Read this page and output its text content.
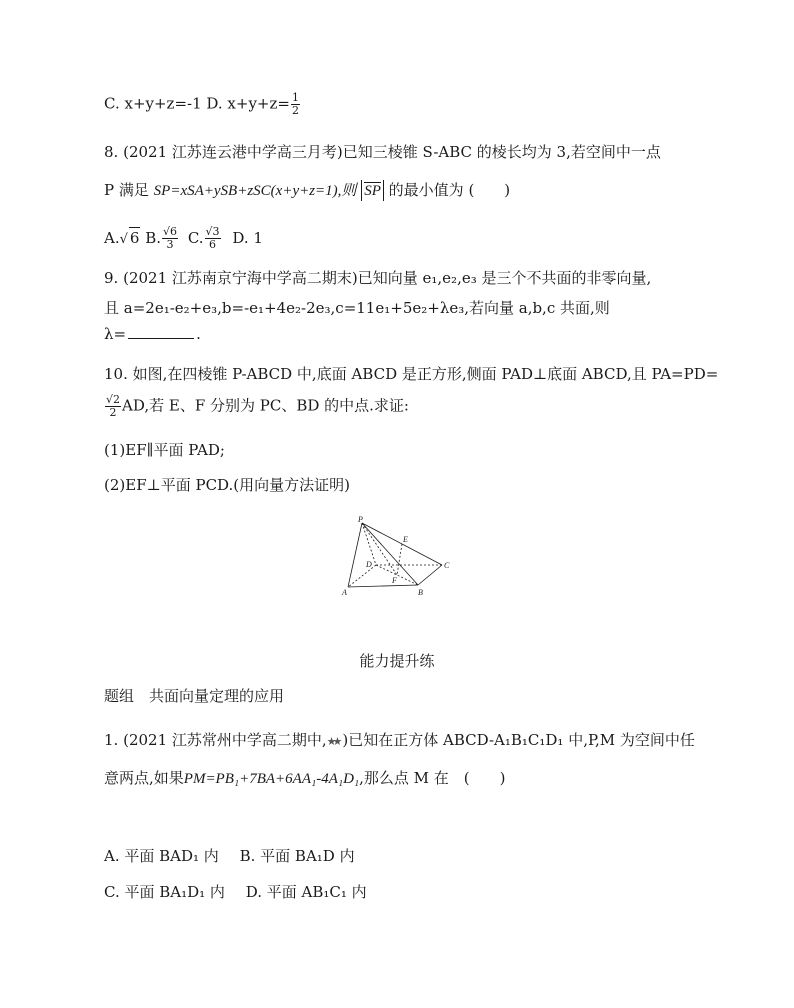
C. x+y+z=-1 D. $x+y+z= \frac{1}{2}$
8. (2021 江苏连云港中学高三月考)已知三棱锥 S-ABC 的棱长均为 3,若空间中一点
P 满足 SP=xSA+ySB+zSC(x+y+z=1),则 SP 的最小值为 (　　)
A.√ 6 B. $\frac{√6}{3} C$. $\frac{√3}{6} D$. 1
9. (2021 江苏南京宁海中学高二期末)已知向量 e₁,e₂,e₃ 是三个不共面的非零向量,
且 a=2e₁-e₂+e₃,b=-e₁+4e₂-2e₃,c=11e₁+5e₂+λe₃,若向量 a,b,c 共面,则
λ=	.
10. 如图,在四棱锥 P-ABCD 中,底面 ABCD 是正方形,侧面 PAD⊥底面 ABCD,且 PA=PD=
$\frac{√2}{2}$ AD,若 E、F 分别为 PC、BD 的中点.求证:
(1)EF∥平面 PAD;
(2)EF⊥平面 PCD.(用向量方法证明)
P
E
D
F
C
A	B
能力提升练
题组　共面向量定理的应用
1. (2021 江苏常州中学高二期中,★★ )已知在正方体 ABCD-A₁B₁C₁D₁ 中,P,M 为空间中任
意两点,如果PM=PB₁+7BA+6AA₁-4A₁D₁,那么点 M 在　(　　)
A. 平面 BAD₁ 内 B. 平面 BA₁D 内
C. 平面 BA₁D₁ 内 D. 平面 AB₁C₁ 内
